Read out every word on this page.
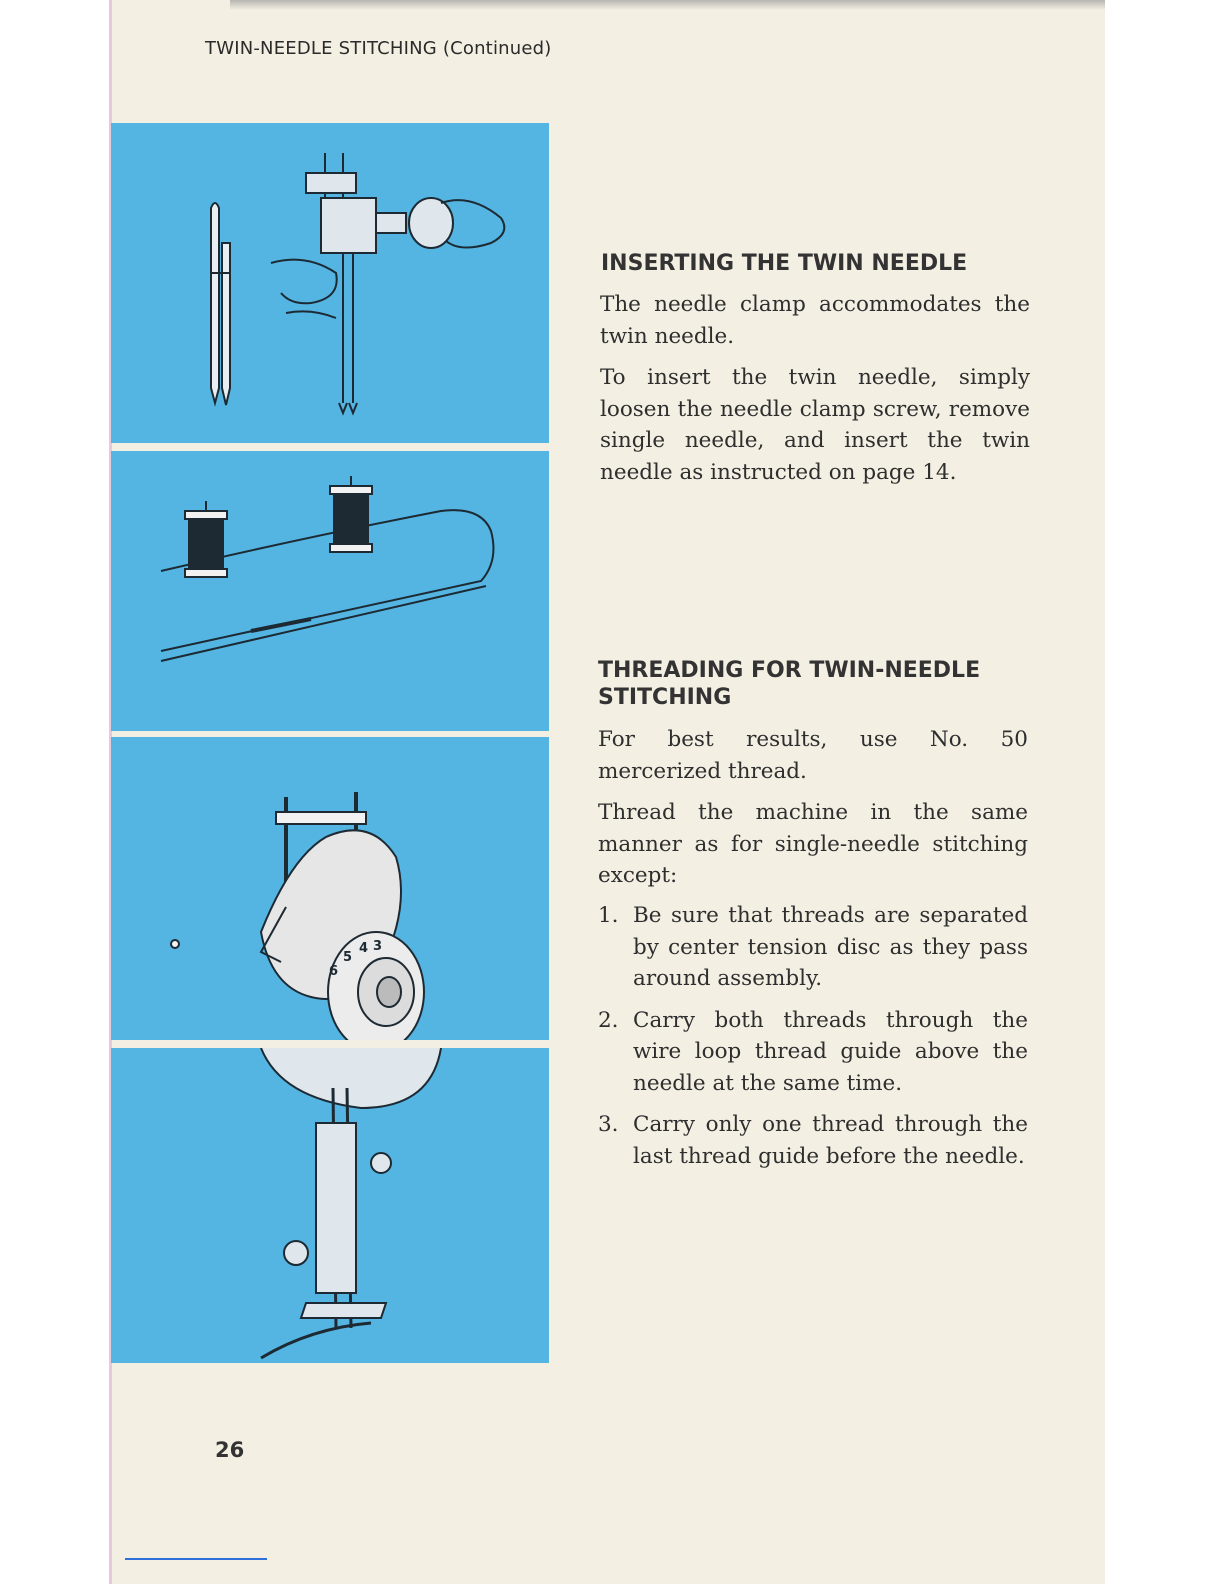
TWIN-NEEDLE STITCHING (Continued)
3
4
5
6
INSERTING THE TWIN NEEDLE

The needle clamp accommodates the twin needle.

To insert the twin needle, simply loosen the needle clamp screw, remove single needle, and insert the twin needle as instructed on page 14.

THREADING FOR TWIN-NEEDLE STITCHING

For best results, use No. 50 mercerized thread.

Thread the machine in the same manner as for single-needle stitching except:

1. Be sure that threads are separated by center tension disc as they pass around assembly.
2. Carry both threads through the wire loop thread guide above the needle at the same time.
3. Carry only one thread through the last thread guide before the needle.
26
